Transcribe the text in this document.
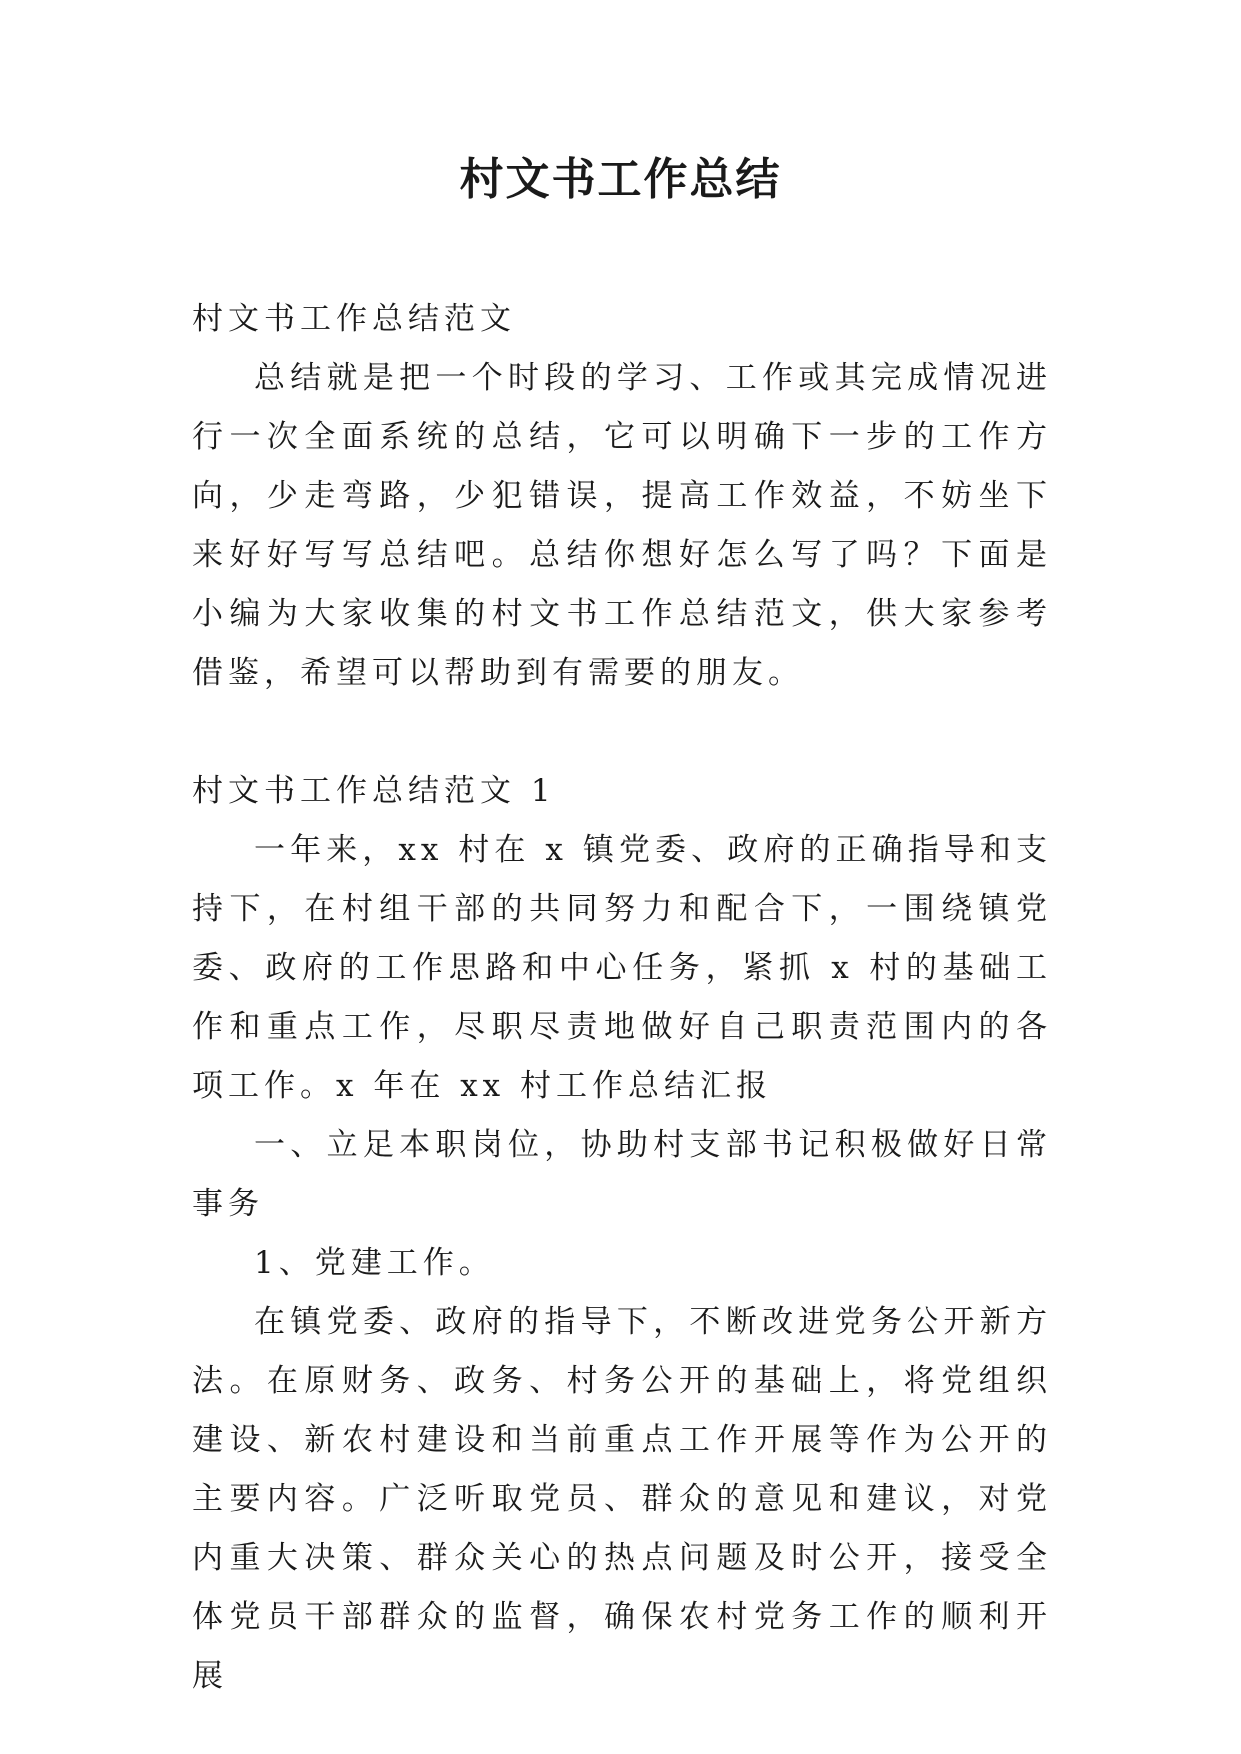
村文书工作总结

村文书工作总结范文

总结就是把一个时段的学习、工作或其完成情况进行一次全面系统的总结，它可以明确下一步的工作方向，少走弯路，少犯错误，提高工作效益，不妨坐下来好好写写总结吧。总结你想好怎么写了吗？下面是小编为大家收集的村文书工作总结范文，供大家参考借鉴，希望可以帮助到有需要的朋友。

村文书工作总结范文 1

一年来，xx 村在 x 镇党委、政府的正确指导和支持下，在村组干部的共同努力和配合下，一围绕镇党委、政府的工作思路和中心任务，紧抓 x 村的基础工作和重点工作，尽职尽责地做好自己职责范围内的各项工作。x 年在 xx 村工作总结汇报

一、立足本职岗位，协助村支部书记积极做好日常事务

1、党建工作。

在镇党委、政府的指导下，不断改进党务公开新方法。在原财务、政务、村务公开的基础上，将党组织建设、新农村建设和当前重点工作开展等作为公开的主要内容。广泛听取党员、群众的意见和建议，对党内重大决策、群众关心的热点问题及时公开，接受全体党员干部群众的监督，确保农村党务工作的顺利开展
